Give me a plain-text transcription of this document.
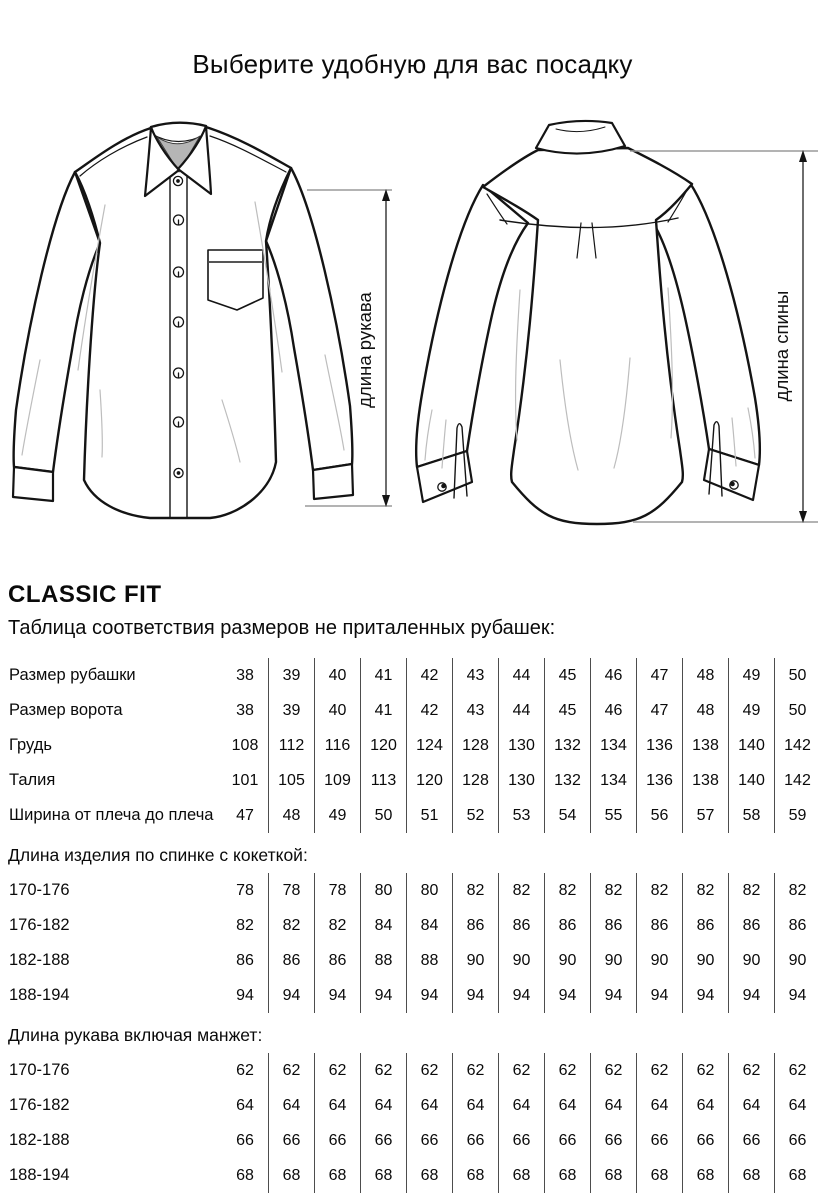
Выберите удобную для вас посадку
длина рукава	длина спины
CLASSIC FIT
Таблица соответствия размеров не приталенных рубашек:
Размер рубашки	38	39	40	41	42	43	44	45	46	47	48	49	50
Размер ворота	38	39	40	41	42	43	44	45	46	47	48	49	50
Грудь	108	112	116	120	124	128	130	132	134	136	138	140	142
Талия	101	105	109	113	120	128	130	132	134	136	138	140	142
Ширина от плеча до плеча	47	48	49	50	51	52	53	54	55	56	57	58	59
Длина изделия по спинке с кокеткой:
170-176	78	78	78	80	80	82	82	82	82	82	82	82	82
176-182	82	82	82	84	84	86	86	86	86	86	86	86	86
182-188	86	86	86	88	88	90	90	90	90	90	90	90	90
188-194	94	94	94	94	94	94	94	94	94	94	94	94	94
Длина рукава включая манжет:
170-176	62	62	62	62	62	62	62	62	62	62	62	62	62
176-182	64	64	64	64	64	64	64	64	64	64	64	64	64
182-188	66	66	66	66	66	66	66	66	66	66	66	66	66
188-194	68	68	68	68	68	68	68	68	68	68	68	68	68
